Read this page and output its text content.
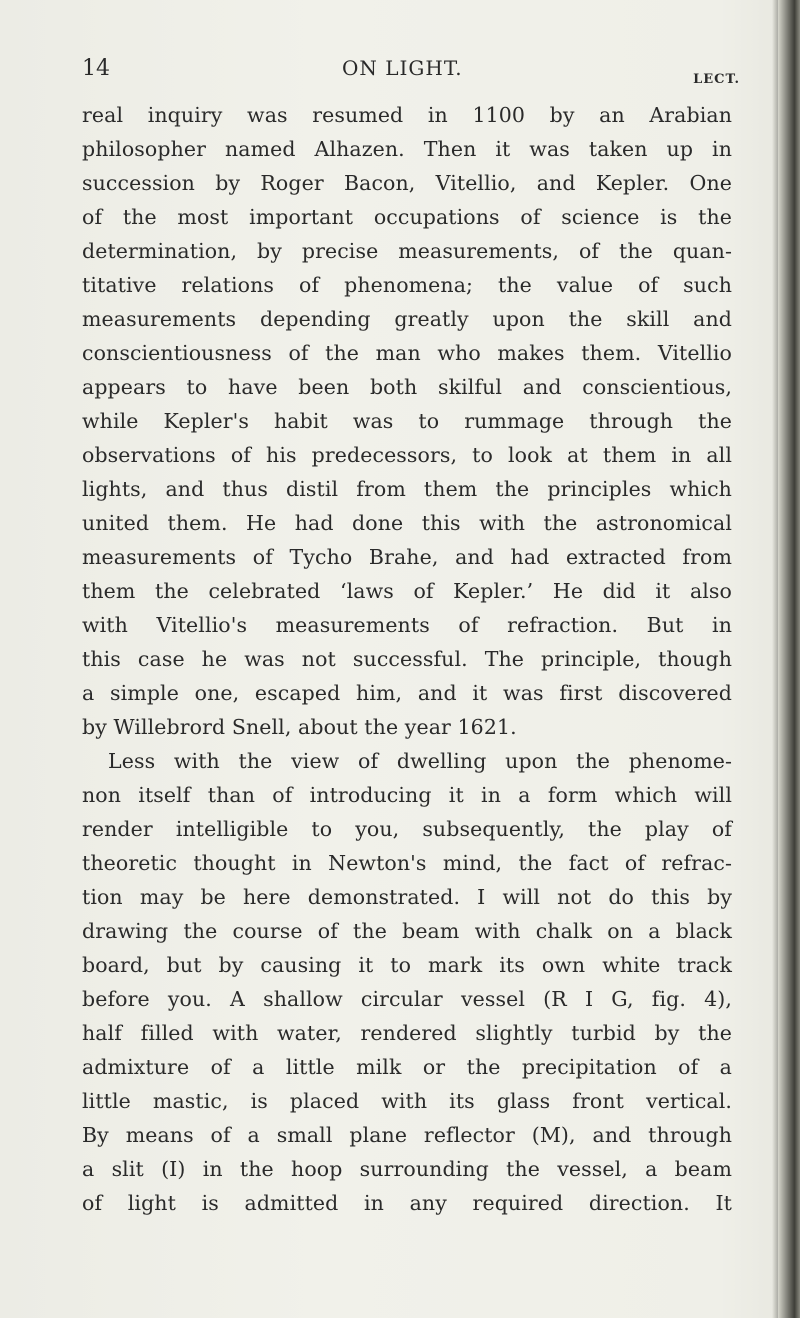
14	ON LIGHT.	LECT.
real inquiry was resumed in 1100 by an Arabian
philosopher named Alhazen. Then it was taken up in
succession by Roger Bacon, Vitellio, and Kepler. One
of the most important occupations of science is the
determination, by precise measurements, of the quan-
titative relations of phenomena; the value of such
measurements depending greatly upon the skill and
conscientiousness of the man who makes them. Vitellio
appears to have been both skilful and conscientious,
while Kepler's habit was to rummage through the
observations of his predecessors, to look at them in all
lights, and thus distil from them the principles which
united them. He had done this with the astronomical
measurements of Tycho Brahe, and had extracted from
them the celebrated ‘laws of Kepler.’ He did it also
with Vitellio's measurements of refraction. But in
this case he was not successful. The principle, though
a simple one, escaped him, and it was first discovered
by Willebrord Snell, about the year 1621.
Less with the view of dwelling upon the phenome-
non itself than of introducing it in a form which will
render intelligible to you, subsequently, the play of
theoretic thought in Newton's mind, the fact of refrac-
tion may be here demonstrated. I will not do this by
drawing the course of the beam with chalk on a black
board, but by causing it to mark its own white track
before you. A shallow circular vessel (R I G, fig. 4),
half filled with water, rendered slightly turbid by the
admixture of a little milk or the precipitation of a
little mastic, is placed with its glass front vertical.
By means of a small plane reflector (M), and through
a slit (I) in the hoop surrounding the vessel, a beam
of light is admitted in any required direction. It
